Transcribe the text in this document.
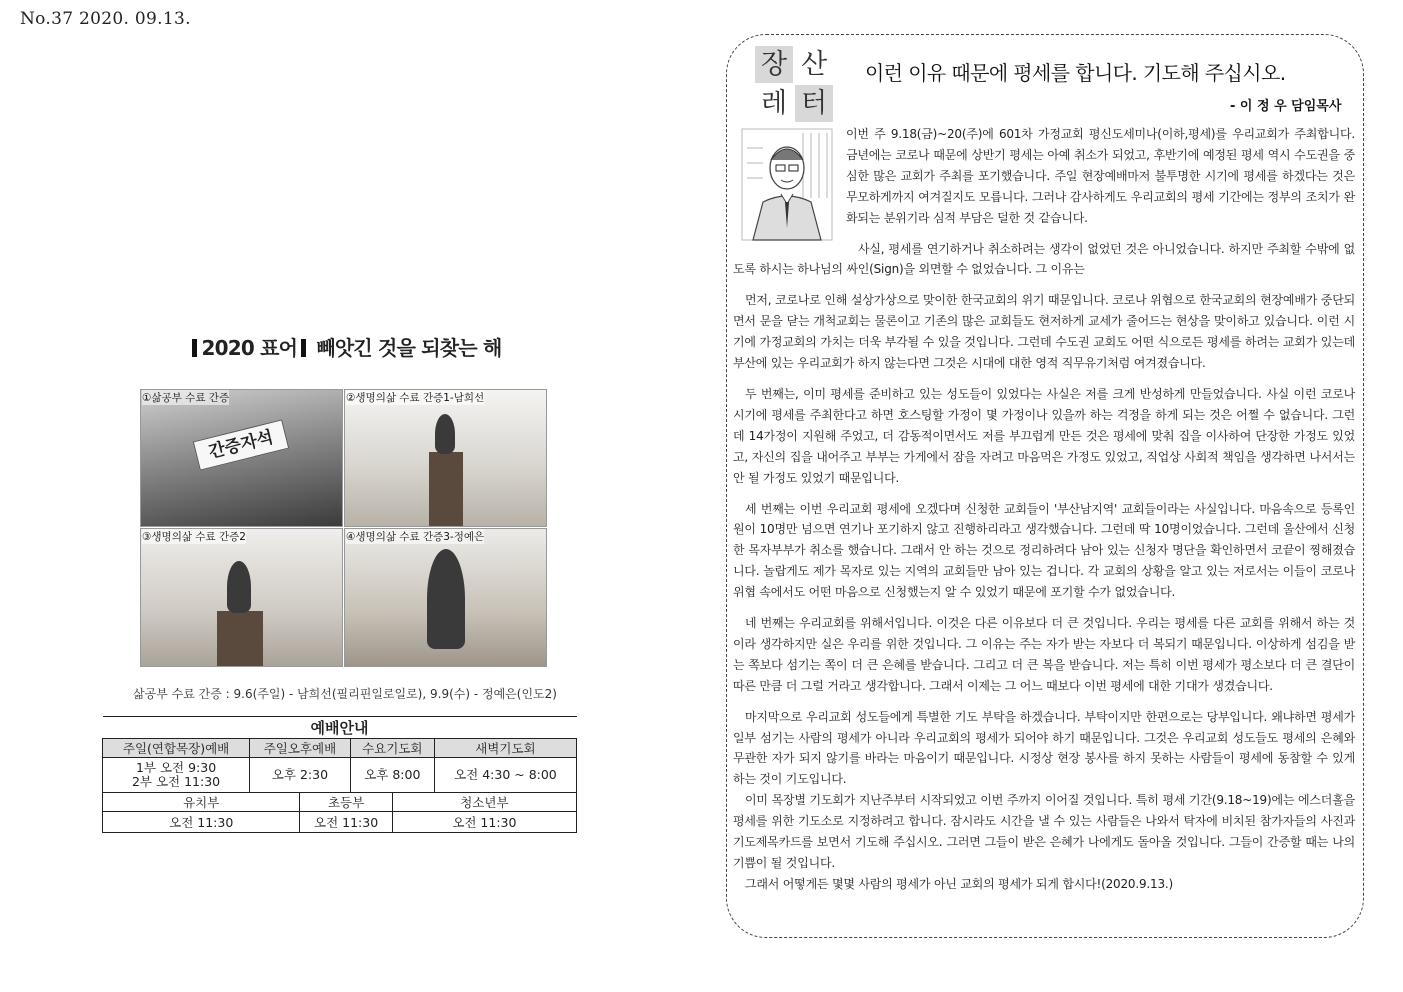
No.37 2020. 09.13.
2020 표어 빼앗긴 것을 되찾는 해
간증자석
①삶공부 수료 간증	②생명의삶 수료 간증1-남희선
③생명의삶 수료 간증2	④생명의삶 수료 간증3-정예은
삶공부 수료 간증 : 9.6(주일) - 남희선(필리핀일로일로), 9.9(수) - 정예은(인도2)
예배안내					
주일(연합목장)예배	주일오후예배		수요기도회		새벽기도회

1부 오전 9:30
2부 오전 11:30	오후 2:30		오후 8:00		오전 4:30 ~ 8:00
유치부		초등부		청소년부	
오전 11:30		오전 11:30		오전 11:30	
장 산
레 터
이런 이유 때문에 평세를 합니다. 기도해 주십시오.
- 이 정 우 담임목사

이번 주 9.18(금)~20(주)에 601차 가정교회 평신도세미나(이하,평세)를 우리교회가 주최합니다. 금년에는 코로나 때문에 상반기 평세는 아예 취소가 되었고, 후반기에 예정된 평세 역시 수도권을 중심한 많은 교회가 주최를 포기했습니다. 주일 현장예배마저 불투명한 시기에 평세를 하겠다는 것은 무모하게까지 여겨질지도 모릅니다. 그러나 감사하게도 우리교회의 평세 기간에는 정부의 조치가 완화되는 분위기라 심적 부담은 덜한 것 같습니다.

사실, 평세를 연기하거나 취소하려는 생각이 없었던 것은 아니었습니다. 하지만 주최할 수밖에 없도록 하시는 하나님의 싸인(Sign)을 외면할 수 없었습니다. 그 이유는

먼저, 코로나로 인해 설상가상으로 맞이한 한국교회의 위기 때문입니다. 코로나 위협으로 한국교회의 현장예배가 중단되면서 문을 닫는 개척교회는 물론이고 기존의 많은 교회들도 현저하게 교세가 줄어드는 현상을 맞이하고 있습니다. 이런 시기에 가정교회의 가치는 더욱 부각될 수 있을 것입니다. 그런데 수도권 교회도 어떤 식으로든 평세를 하려는 교회가 있는데 부산에 있는 우리교회가 하지 않는다면 그것은 시대에 대한 영적 직무유기처럼 여겨졌습니다.

두 번째는, 이미 평세를 준비하고 있는 성도들이 있었다는 사실은 저를 크게 반성하게 만들었습니다. 사실 이런 코로나 시기에 평세를 주최한다고 하면 호스팅할 가정이 몇 가정이나 있을까 하는 걱정을 하게 되는 것은 어쩔 수 없습니다. 그런데 14가정이 지원해 주었고, 더 감동적이면서도 저를 부끄럽게 만든 것은 평세에 맞춰 집을 이사하여 단장한 가정도 있었고, 자신의 집을 내어주고 부부는 가게에서 잠을 자려고 마음먹은 가정도 있었고, 직업상 사회적 책임을 생각하면 나서서는 안 될 가정도 있었기 때문입니다.

세 번째는 이번 우리교회 평세에 오겠다며 신청한 교회들이 '부산남지역' 교회들이라는 사실입니다. 마음속으로 등록인원이 10명만 넘으면 연기나 포기하지 않고 진행하리라고 생각했습니다. 그런데 딱 10명이었습니다. 그런데 울산에서 신청한 목자부부가 취소를 했습니다. 그래서 안 하는 것으로 정리하려다 남아 있는 신청자 명단을 확인하면서 코끝이 찡해졌습니다. 놀랍게도 제가 목자로 있는 지역의 교회들만 남아 있는 겁니다. 각 교회의 상황을 알고 있는 저로서는 이들이 코로나 위협 속에서도 어떤 마음으로 신청했는지 알 수 있었기 때문에 포기할 수가 없었습니다.

네 번째는 우리교회를 위해서입니다. 이것은 다른 이유보다 더 큰 것입니다. 우리는 평세를 다른 교회를 위해서 하는 것이라 생각하지만 실은 우리를 위한 것입니다. 그 이유는 주는 자가 받는 자보다 더 복되기 때문입니다. 이상하게 섬김을 받는 쪽보다 섬기는 쪽이 더 큰 은혜를 받습니다. 그리고 더 큰 복을 받습니다. 저는 특히 이번 평세가 평소보다 더 큰 결단이 따른 만큼 더 그럴 거라고 생각합니다. 그래서 이제는 그 어느 때보다 이번 평세에 대한 기대가 생겼습니다.

마지막으로 우리교회 성도들에게 특별한 기도 부탁을 하겠습니다. 부탁이지만 한편으로는 당부입니다. 왜냐하면 평세가 일부 섬기는 사람의 평세가 아니라 우리교회의 평세가 되어야 하기 때문입니다. 그것은 우리교회 성도들도 평세의 은혜와 무관한 자가 되지 않기를 바라는 마음이기 때문입니다. 시정상 현장 봉사를 하지 못하는 사람들이 평세에 동참할 수 있게 하는 것이 기도입니다.

이미 목장별 기도회가 지난주부터 시작되었고 이번 주까지 이어질 것입니다. 특히 평세 기간(9.18~19)에는 에스더홀을 평세를 위한 기도소로 지정하려고 합니다. 잠시라도 시간을 낼 수 있는 사람들은 나와서 탁자에 비치된 참가자들의 사진과 기도제목카드를 보면서 기도해 주십시오. 그러면 그들이 받은 은혜가 나에게도 돌아올 것입니다. 그들이 간증할 때는 나의 기쁨이 될 것입니다.

그래서 어떻게든 몇몇 사람의 평세가 아닌 교회의 평세가 되게 합시다!(2020.9.13.)
